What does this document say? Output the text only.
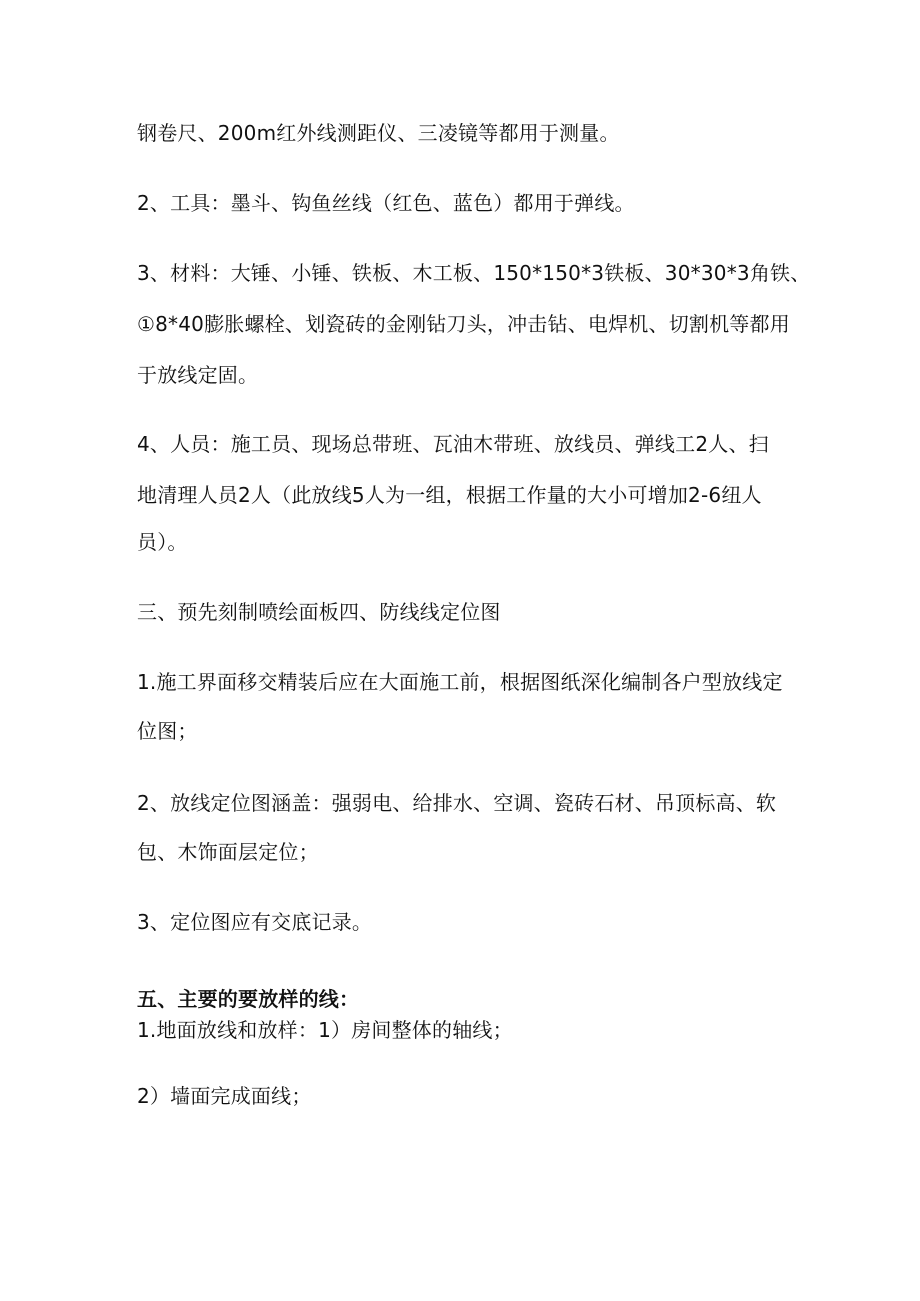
钢卷尺、200m红外线测距仪、三凌镜等都用于测量。
2、工具：墨斗、钩鱼丝线（红色、蓝色）都用于弹线。
3、材料：大锤、小锤、铁板、木工板、150*150*3铁板、30*30*3角铁、
①8*40膨胀螺栓、划瓷砖的金刚钻刀头，冲击钻、电焊机、切割机等都用
于放线定固。
4、人员：施工员、现场总带班、瓦油木带班、放线员、弹线工2人、扫
地清理人员2人（此放线5人为一组，根据工作量的大小可增加2-6纽人
员）。
三、预先刻制喷绘面板四、防线线定位图
1.施工界面移交精装后应在大面施工前，根据图纸深化编制各户型放线定
位图；
2、放线定位图涵盖：强弱电、给排水、空调、瓷砖石材、吊顶标高、软
包、木饰面层定位；
3、定位图应有交底记录。
五、主要的要放样的线：
1.地面放线和放样：1）房间整体的轴线；
2）墙面完成面线；
